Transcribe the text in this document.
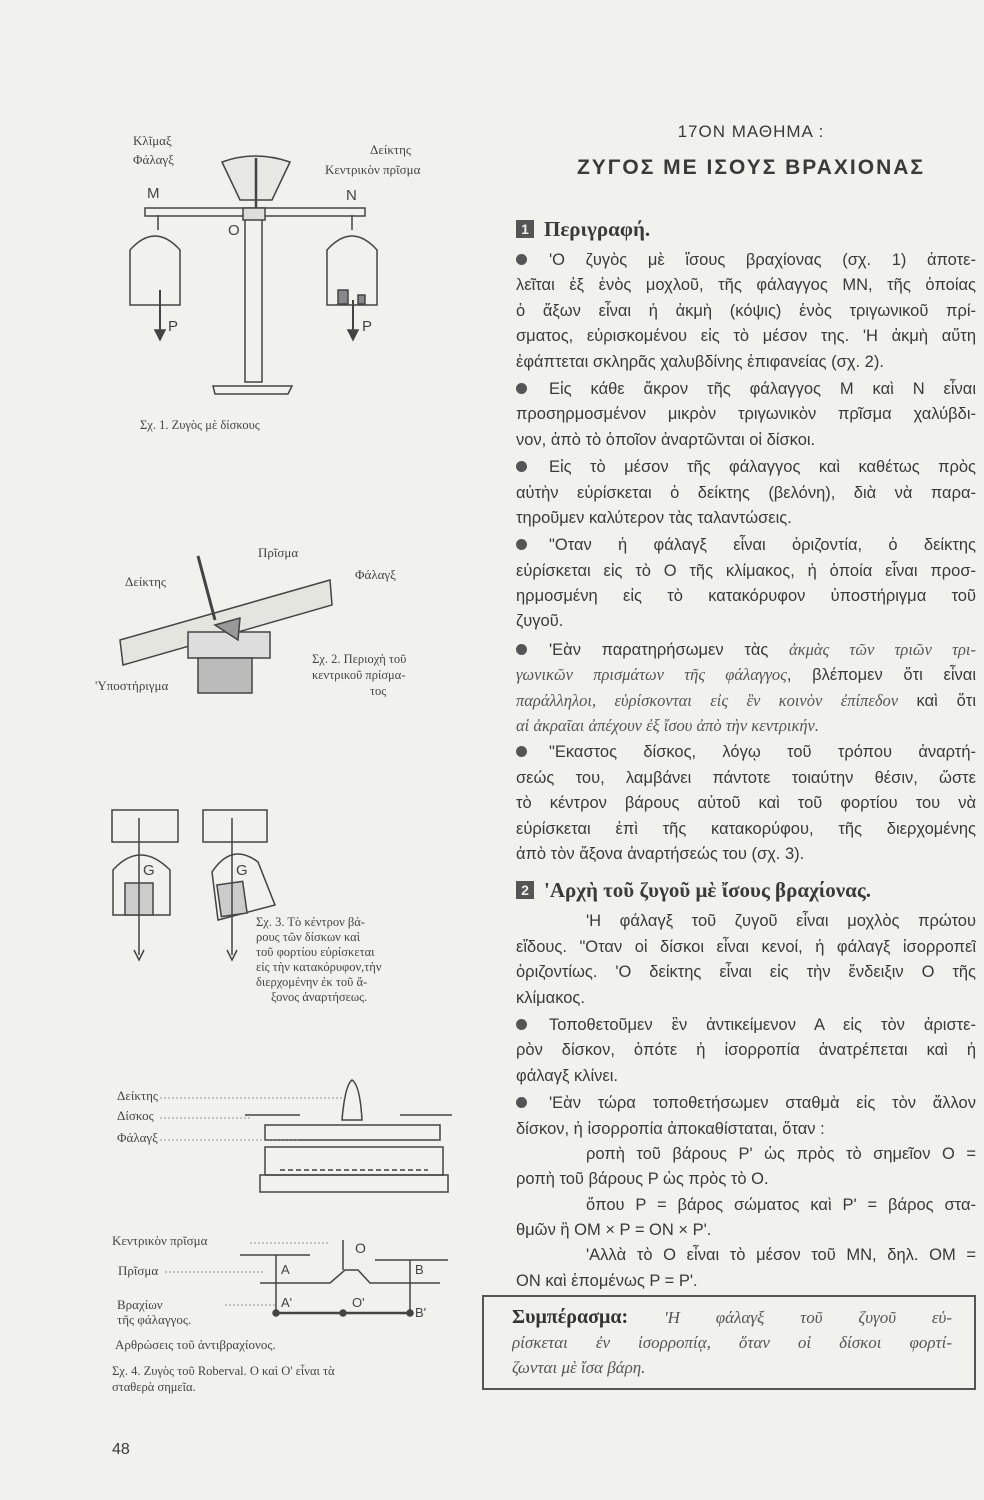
Κλῖμαξ
Φάλαγξ
Δείκτης
Κεντρικὸν πρῖσμα
M	N
O
P	P
Σχ. 1. Ζυγὸς μὲ δίσκους
Πρῖσμα
Φάλαγξ
Δείκτης
'Υποστήριγμα
Σχ. 2. Περιοχὴ τοῦ
κεντρικοῦ πρίσμα-
τος
G	G
Σχ. 3. Τὸ κέντρον βά-
ρους τῶν δίσκων καὶ
τοῦ φορτίου εὑρίσκεται
εἰς τὴν κατακόρυφον,τὴν
διερχομένην ἐκ τοῦ ἄ-
ξονος ἀναρτήσεως.
Δείκτης
Δίσκος
Φάλαγξ
Κεντρικὸν πρῖσμα
Πρῖσμα
Βραχίων
τῆς φάλαγγος.
Αρθρώσεις τοῦ ἀντιβραχίονος.
O
O'
A
A'
B
B'
Σχ. 4. Ζυγὸς τοῦ Roberval. Ο καὶ Ο' εἶναι τὰ
σταθερὰ σημεῖα.
48
17ΟΝ ΜΑΘΗΜΑ :
ΖΥΓΟΣ ΜΕ ΙΣΟΥΣ ΒΡΑΧΙΟΝΑΣ
1 Περιγραφή.
'Ο ζυγὸς μὲ ἴσους βραχίονας (σχ. 1) ἀποτε-
λεῖται ἐξ ἑνὸς μοχλοῦ, τῆς φάλαγγος ΜΝ, τῆς ὁποίας
ὁ ἄξων εἶναι ἡ ἀκμὴ (κόψις) ἑνὸς τριγωνικοῦ πρί-
σματος, εὑρισκομένου εἰς τὸ μέσον της. 'Η ἀκμὴ αὕτη
ἐφάπτεται σκληρᾶς χαλυβδίνης ἐπιφανείας (σχ. 2).
Εἰς κάθε ἄκρον τῆς φάλαγγος Μ καὶ Ν εἶναι
προσηρμοσμένον μικρὸν τριγωνικὸν πρῖσμα χαλύβδι-
νον, ἀπὸ τὸ ὁποῖον ἀναρτῶνται οἱ δίσκοι.
Εἰς τὸ μέσον τῆς φάλαγγος καὶ καθέτως πρὸς
αὐτὴν εὑρίσκεται ὁ δείκτης (βελόνη), διὰ νὰ παρα-
τηροῦμεν καλύτερον τὰς ταλαντώσεις.
"Οταν ἡ φάλαγξ εἶναι ὁριζοντία, ὁ δείκτης
εὑρίσκεται εἰς τὸ Ο τῆς κλίμακος, ἡ ὁποία εἶναι προσ-
ηρμοσμένη εἰς τὸ κατακόρυφον ὑποστήριγμα τοῦ
ζυγοῦ.
'Εὰν παρατηρήσωμεν τὰς ἀκμὰς τῶν τριῶν τρι-
γωνικῶν πρισμάτων τῆς φάλαγγος, βλέπομεν ὅτι εἶναι
παράλληλοι, εὑρίσκονται εἰς ἓν κοινὸν ἐπίπεδον καὶ ὅτι
αἱ ἀκραῖαι ἀπέχουν ἐξ ἴσου ἀπὸ τὴν κεντρικήν.
"Εκαστος δίσκος, λόγῳ τοῦ τρόπου ἀναρτή-
σεώς του, λαμβάνει πάντοτε τοιαύτην θέσιν, ὥστε
τὸ κέντρον βάρους αὐτοῦ καὶ τοῦ φορτίου του νὰ
εὑρίσκεται ἐπὶ τῆς κατακορύφου, τῆς διερχομένης
ἀπὸ τὸν ἄξονα ἀναρτήσεώς του (σχ. 3).
2 'Αρχὴ τοῦ ζυγοῦ μὲ ἴσους βραχίονας.
'Η φάλαγξ τοῦ ζυγοῦ εἶναι μοχλὸς πρώτου
εἴδους. "Οταν οἱ δίσκοι εἶναι κενοί, ἡ φάλαγξ ἰσορροπεῖ
ὁριζοντίως. 'Ο δείκτης εἶναι εἰς τὴν ἔνδειξιν Ο τῆς
κλίμακος.
Τοποθετοῦμεν ἓν ἀντικείμενον Α εἰς τὸν ἀριστε-
ρὸν δίσκον, ὁπότε ἡ ἰσορροπία ἀνατρέπεται καὶ ἡ
φάλαγξ κλίνει.
'Εὰν τώρα τοποθετήσωμεν σταθμὰ εἰς τὸν ἄλλον
δίσκον, ἡ ἰσορροπία ἀποκαθίσταται, ὅταν :
ροπὴ τοῦ βάρους P' ὡς πρὸς τὸ σημεῖον Ο =
ροπὴ τοῦ βάρους P ὡς πρὸς τὸ Ο.
ὅπου P = βάρος σώματος καὶ P' = βάρος στα-
θμῶν ἢ ΟΜ × P = ΟΝ × P'.
'Αλλὰ τὸ Ο εἶναι τὸ μέσον τοῦ ΜΝ, δηλ. ΟΜ =
ΟΝ καὶ ἑπομένως P = P'.
Συμπέρασμα: 'Η φάλαγξ τοῦ ζυγοῦ εὑ-
ρίσκεται ἐν ἰσορροπίᾳ, ὅταν οἱ δίσκοι φορτί-
ζωνται μὲ ἴσα βάρη.
